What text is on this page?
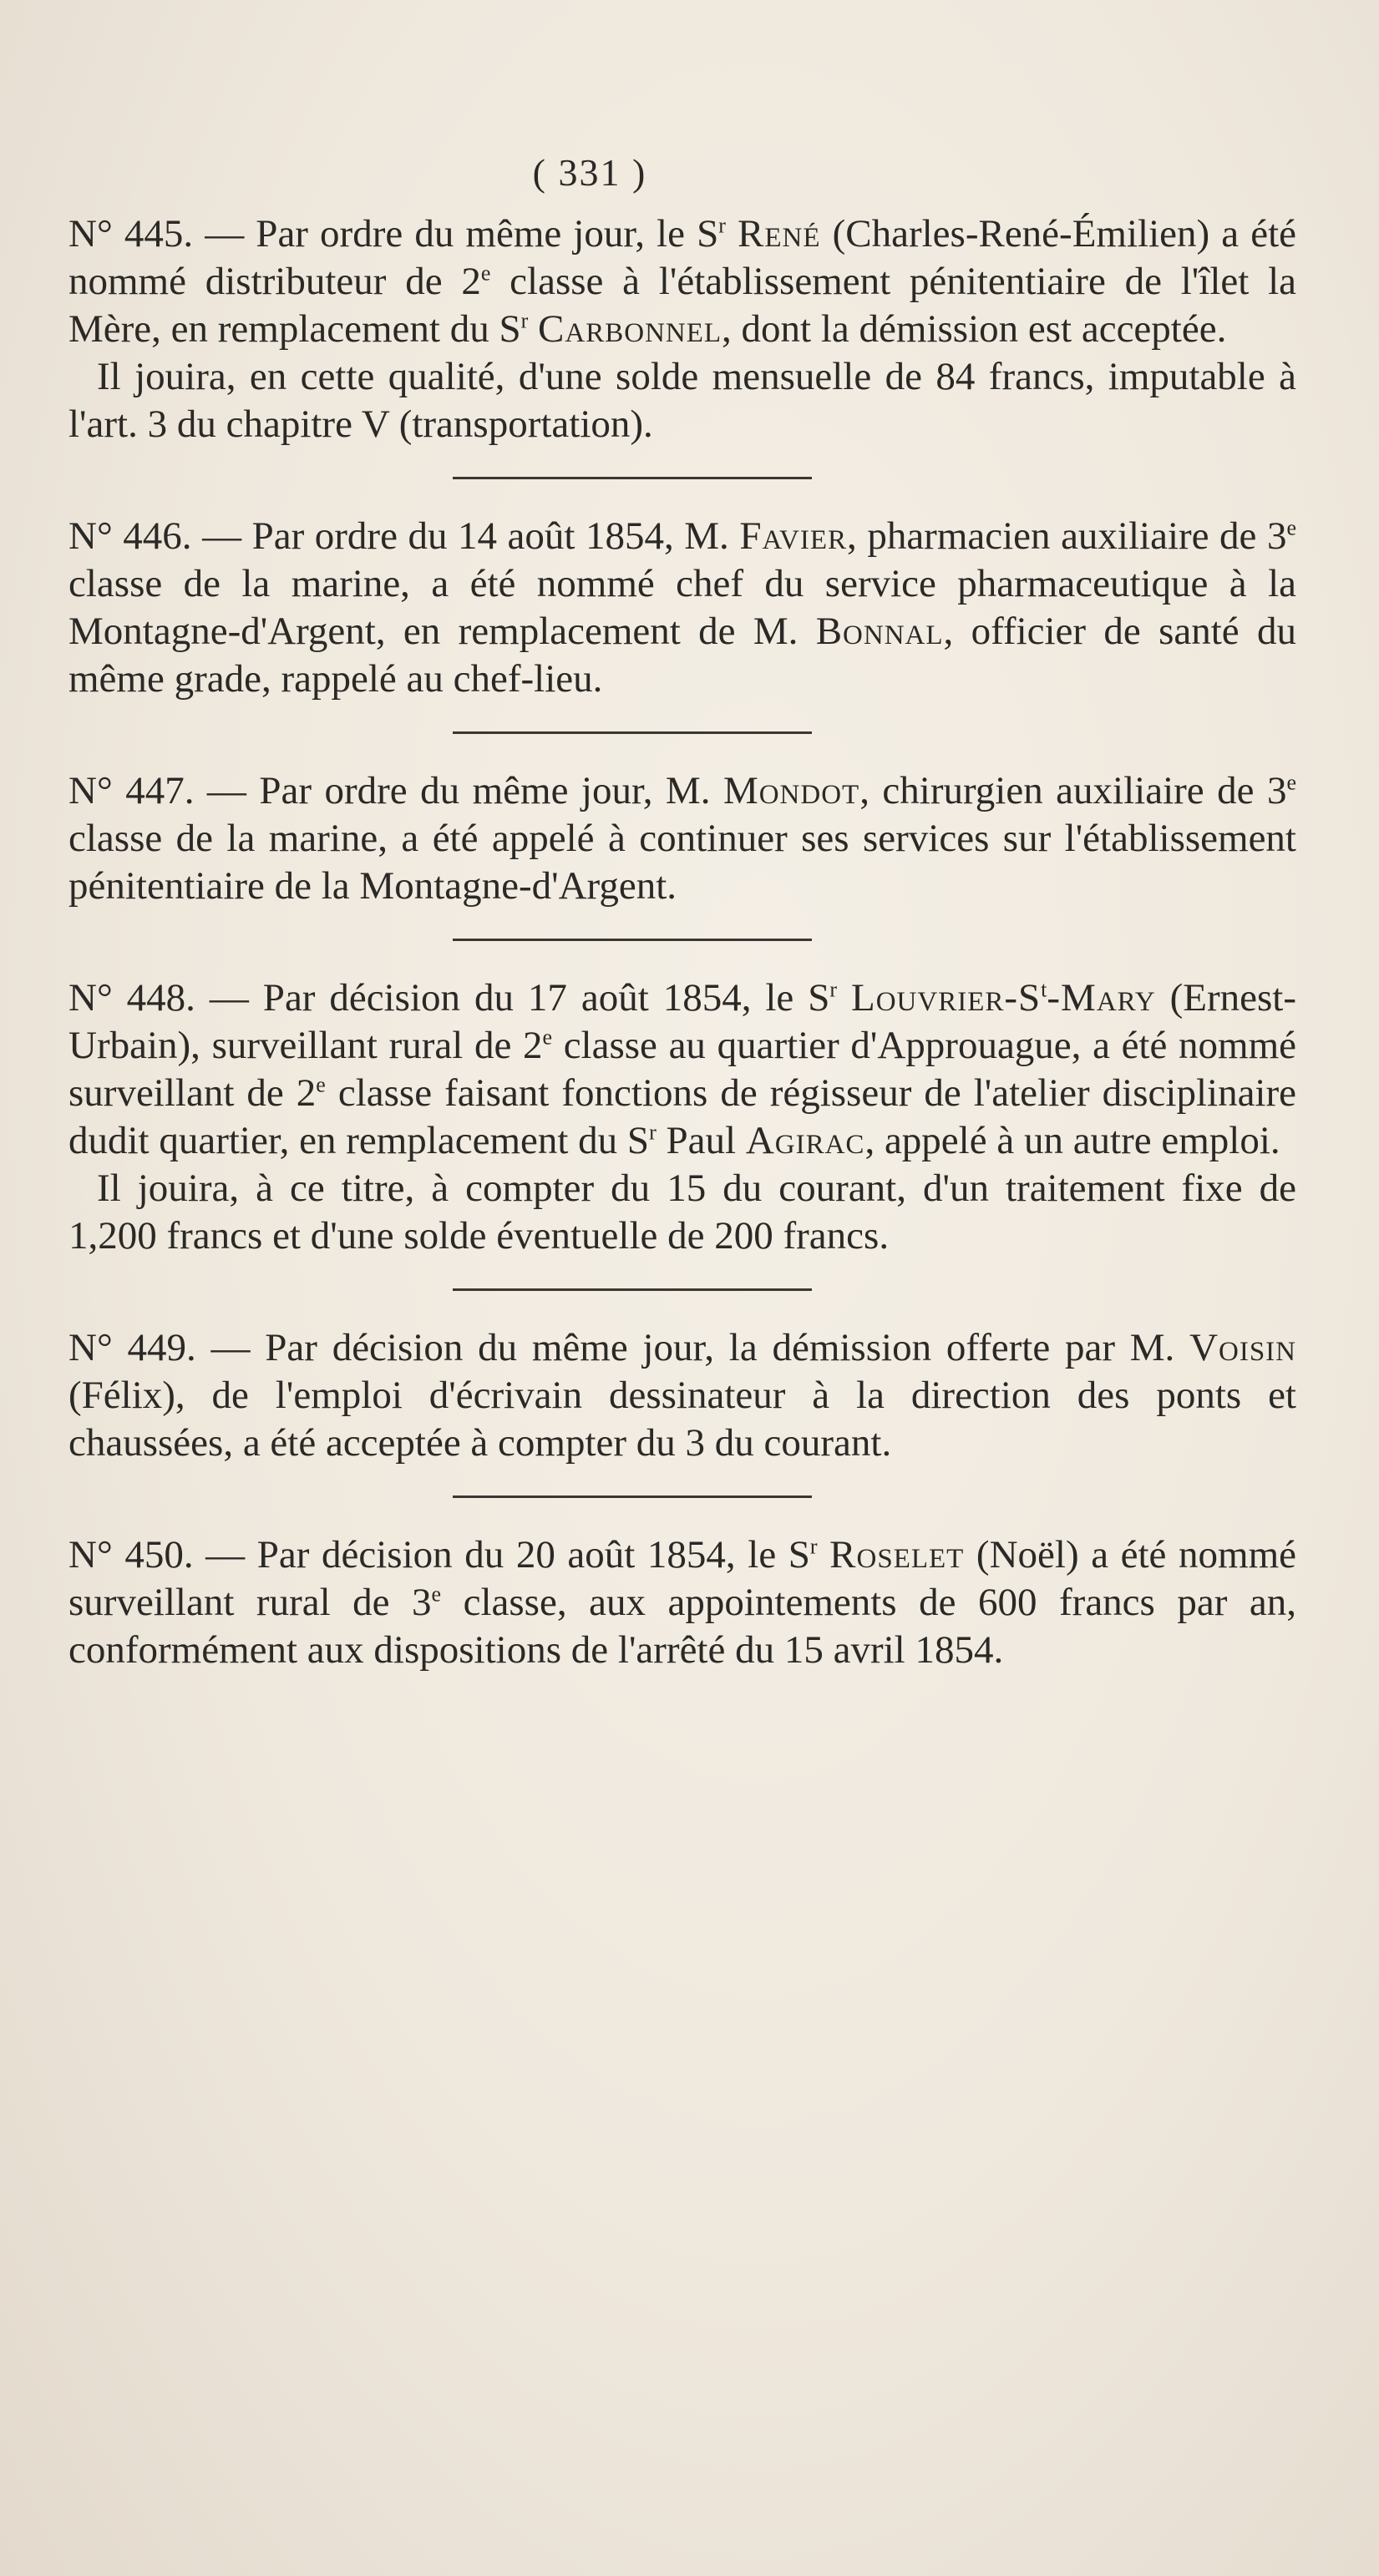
( 331 )

N° 445. — Par ordre du même jour, le $S^r$ René (Charles-René-Émilien) a été nommé distributeur de 2e classe à l'établissement pénitentiaire de l'îlet la Mère, en remplacement du $S^r$ Carbonnel, dont la démission est acceptée.

Il jouira, en cette qualité, d'une solde mensuelle de 84 francs, imputable à l'art. 3 du chapitre V (transportation).

N° 446. — Par ordre du 14 août 1854, M. Favier, pharmacien auxiliaire de 3e classe de la marine, a été nommé chef du service pharmaceutique à la Montagne-d'Argent, en remplacement de M. Bonnal, officier de santé du même grade, rappelé au chef-lieu.

N° 447. — Par ordre du même jour, M. Mondot, chirurgien auxiliaire de 3e classe de la marine, a été appelé à continuer ses services sur l'établissement pénitentiaire de la Montagne-d'Argent.

N° 448. — Par décision du 17 août 1854, le $S^r$ Louvrier-$S^t$-Mary (Ernest-Urbain), surveillant rural de 2e classe au quartier d'Approuague, a été nommé surveillant de 2e classe faisant fonctions de régisseur de l'atelier disciplinaire dudit quartier, en remplacement du $S^r$ Paul Agirac, appelé à un autre emploi.

Il jouira, à ce titre, à compter du 15 du courant, d'un traitement fixe de 1,200 francs et d'une solde éventuelle de 200 francs.

N° 449. — Par décision du même jour, la démission offerte par M. Voisin (Félix), de l'emploi d'écrivain dessinateur à la direction des ponts et chaussées, a été acceptée à compter du 3 du courant.

N° 450. — Par décision du 20 août 1854, le $S^r$ Roselet (Noël) a été nommé surveillant rural de 3e classe, aux appointements de 600 francs par an, conformément aux dispositions de l'arrêté du 15 avril 1854.
